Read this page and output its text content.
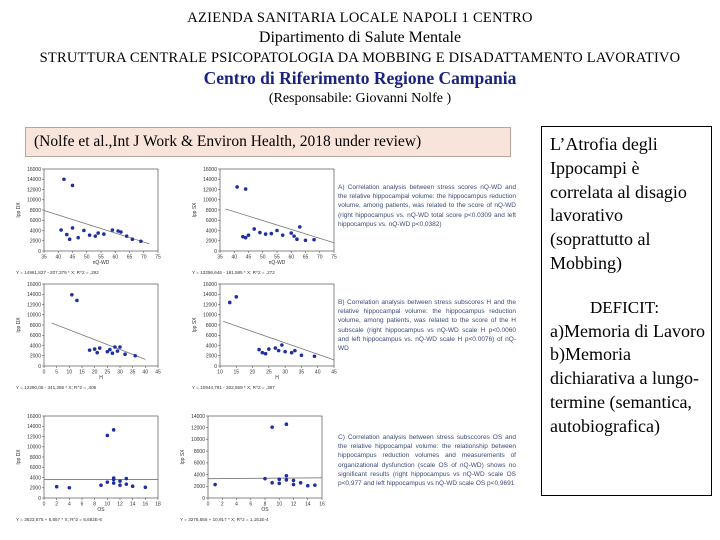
AZIENDA SANITARIA LOCALE NAPOLI 1 CENTRO
Dipartimento di Salute Mentale
STRUTTURA CENTRALE PSICOPATOLOGIA DA MOBBING E DISADATTAMENTO LAVORATIVO
Centro di Riferimento Regione Campania
(Responsabile: Giovanni Nolfe )
(Nolfe et al.,Int J Work & Environ Health, 2018 under review)
0
2000
4000
6000
8000
10000
12000
14000
16000
35 40 45 50 55 60 65 70 75
Ipp DX
nQ-WD
Y = 14961,827 - 207,379 * X; R^2 = ,292
0
2000
4000
6000
8000
10000
12000
14000
16000
35 40 45 50 55 60 65 70 75
Ipp SX
nQ-WD
Y = 13256,646 - 181,585 * X; R^2 = ,272
A) Correlation analysis between stress scores nQ-WD and the relative hippocampal volume: the hippocampus reduction volume, among patients, was related to the score of nQ-WD (right hippocampus vs. nQ-WD total score p<0.0309 and left hippocampus vs. nQ-WD p<0.0382)
0
2000
4000
6000
8000
10000
12000
14000
16000
0 5 10 15 20 25 30 35 40 45
Ipp DX
H
Y = 12290,05 - 341,356 * X; R^2 = ,406
0
2000
4000
6000
8000
10000
12000
14000
16000
10 15 20 25 30 35 40 45
Ipp SX
H
Y = 10944,781 - 302,559 * X; R^2 = ,387
B) Correlation analysis between stress subscores H and the relative hippocampal volume: the hippocampus reduction volume, among patients, was related to the score of the H subscale (right hippocampus vs nQ-WD scale H p<0.0060 and left hippocampus vs. nQ-WD scale H p<0.0076) of nQ-WD
0
2000
4000
6000
8000
10000
12000
14000
16000
0 2 4 6 8 10 12 14 16 18
Ipp DX
OS
Y = 3623,575 + 6,657 * X; R^2 = 5,682E-6
0
2000
4000
6000
8000
10000
12000
14000
0 2 4 6 8 10 12 14 16
Ipp SX
OS
Y = 3276,555 + 10,917 * X; R^2 = 1,151E-4
C) Correlation analysis between stress subsccores OS and the relative hippocampal volume: the relationship between hippocampus reduction volumes and measurements of organizational dysfunction (scale OS of nQ-WD) shows no significant results (right hippocampus vs nQ-WD scale OS p<0,977 and left hippocampus vs nQ-WD scale OS p<0,9691
L’Atrofia degli Ippocampi è correlata al disagio lavorativo (soprattutto al Mobbing)
DEFICIT:
a)Memoria di Lavoro
b)Memoria dichiarativa a lungo-termine (semantica, autobiografica)
